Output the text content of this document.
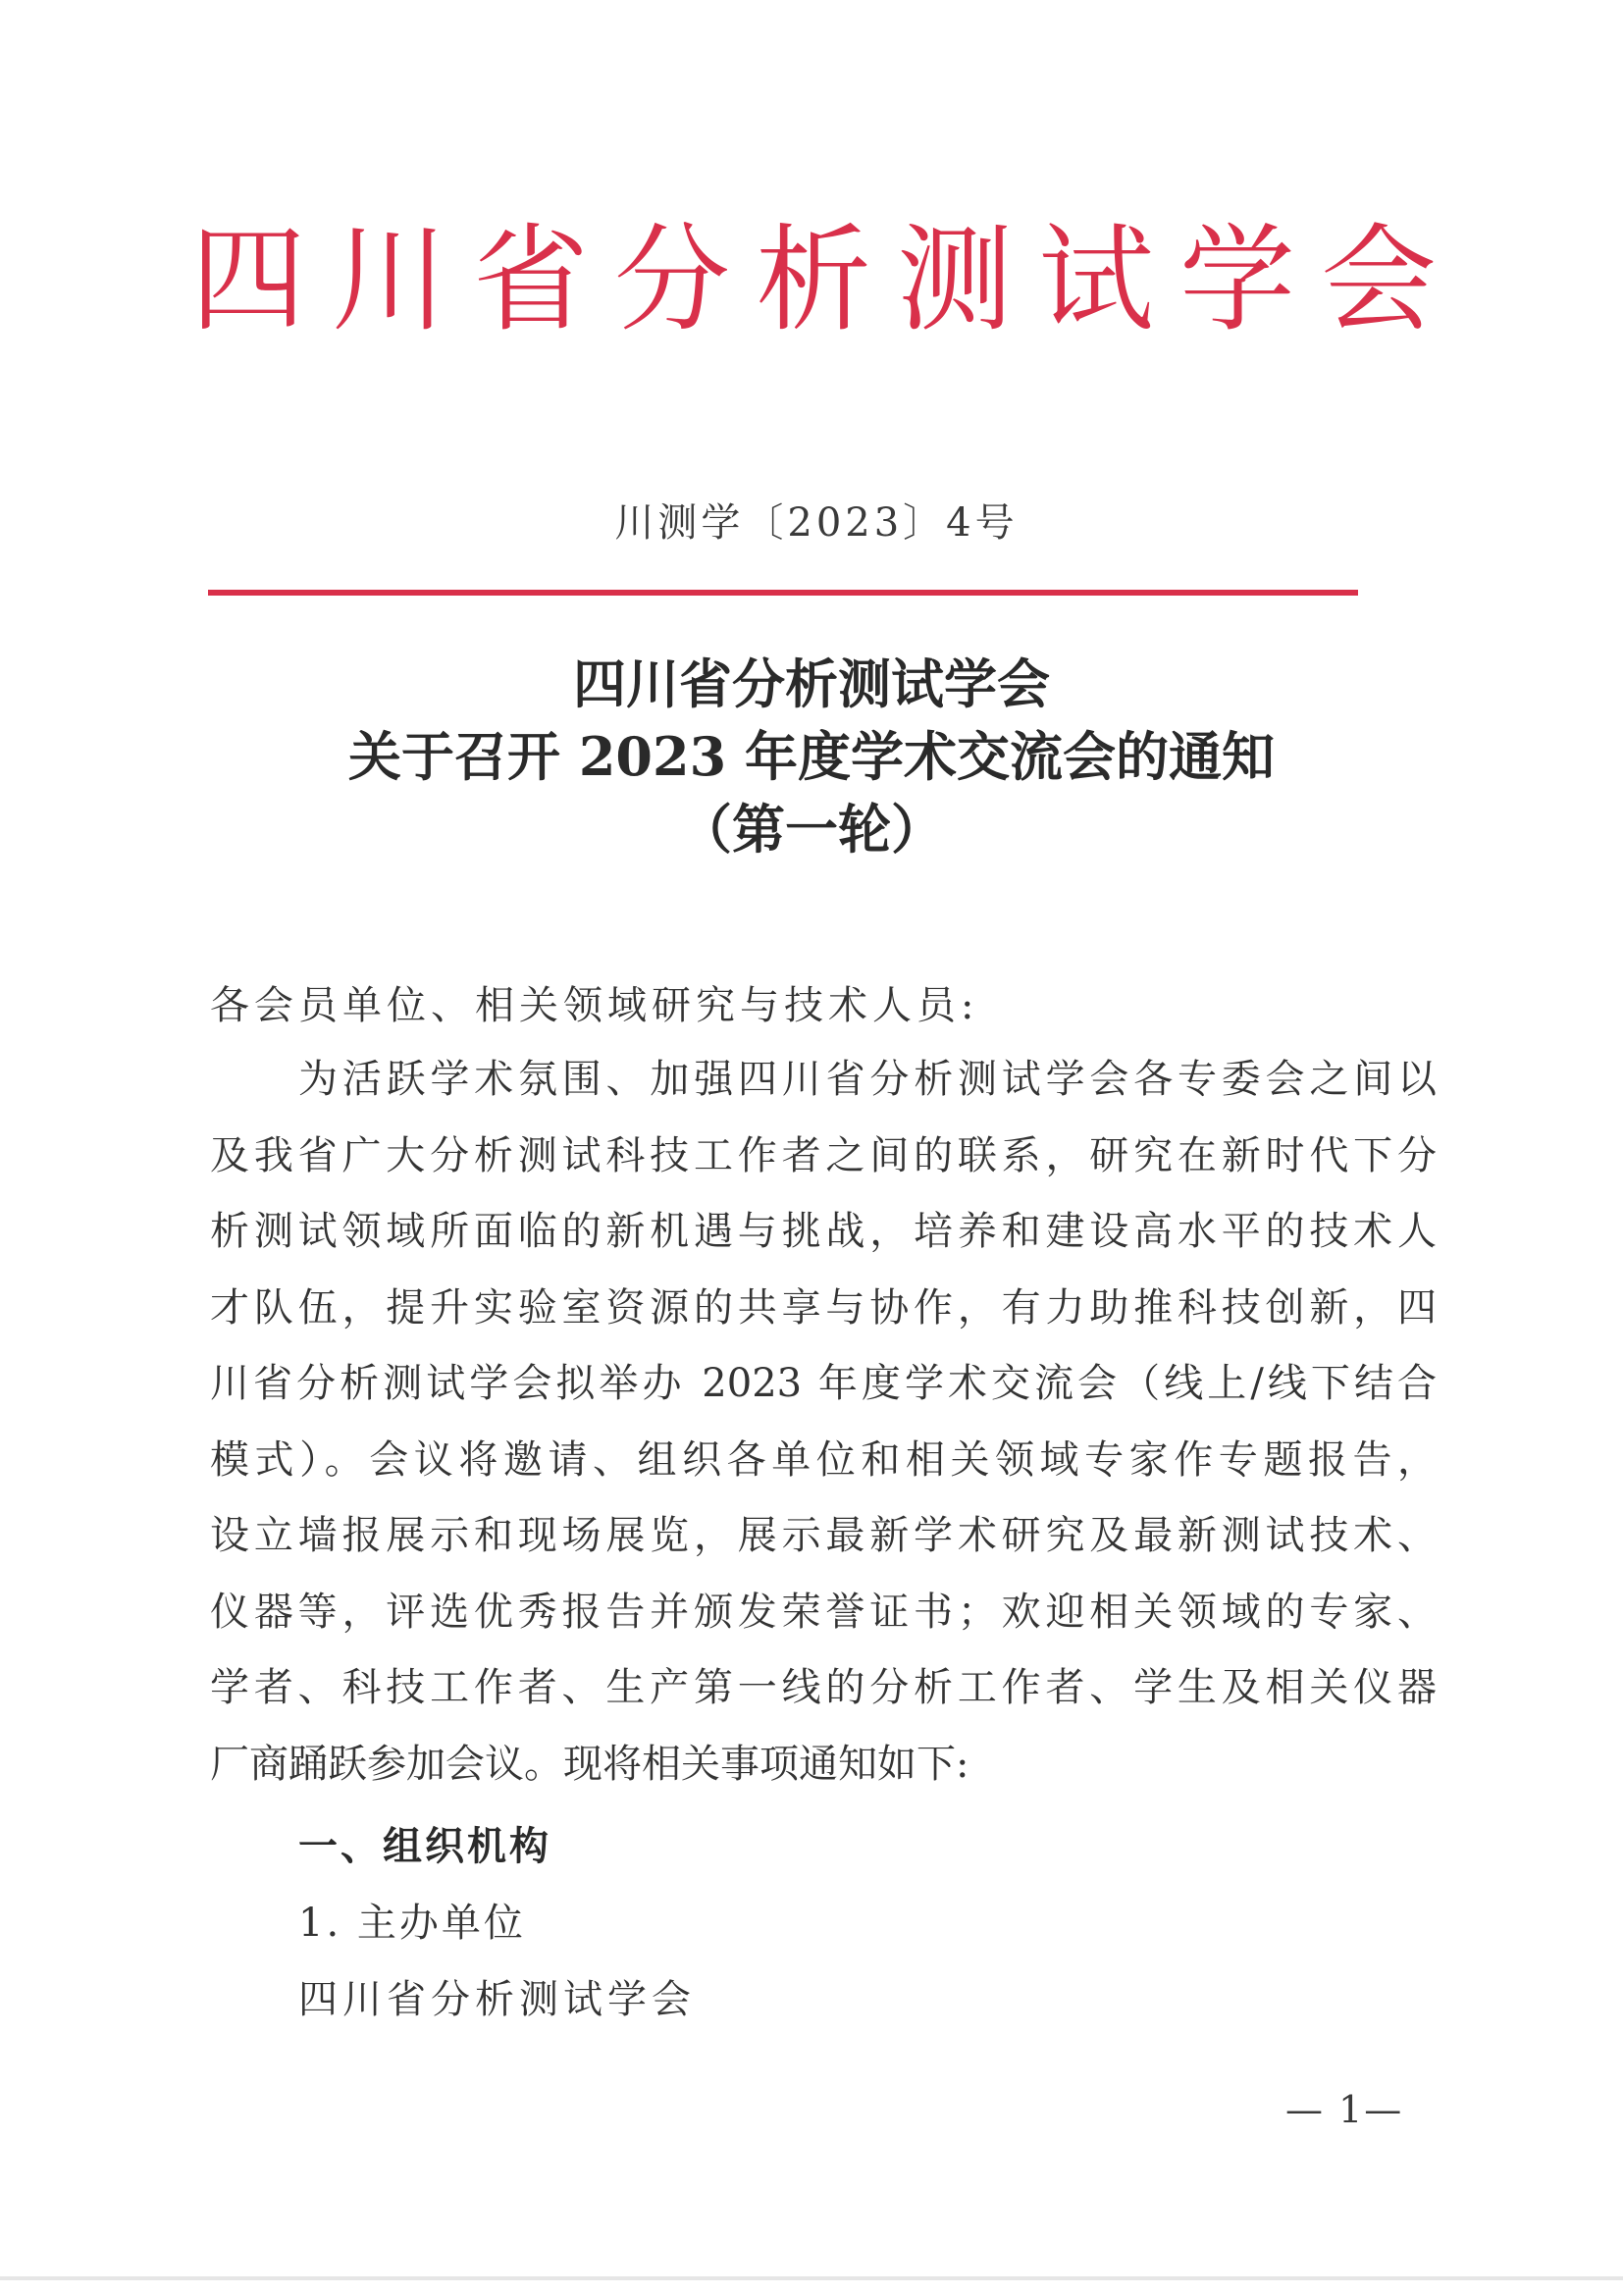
四川省分析测试学会
川测学〔2023〕4号
四川省分析测试学会
关于召开 2023 年度学术交流会的通知
（第一轮）
各会员单位、相关领域研究与技术人员:
为活跃学术氛围、加强四川省分析测试学会各专委会之间以
及我省广大分析测试科技工作者之间的联系，研究在新时代下分
析测试领域所面临的新机遇与挑战，培养和建设高水平的技术人
才队伍，提升实验室资源的共享与协作，有力助推科技创新，四
川省分析测试学会拟举办 2023 年度学术交流会（线上/线下结合
模式）。会议将邀请、组织各单位和相关领域专家作专题报告，
设立墙报展示和现场展览，展示最新学术研究及最新测试技术、
仪器等，评选优秀报告并颁发荣誉证书；欢迎相关领域的专家、
学者、科技工作者、生产第一线的分析工作者、学生及相关仪器
厂商踊跃参加会议。现将相关事项通知如下:
一、组织机构
1. 主办单位
四川省分析测试学会
— 1—
